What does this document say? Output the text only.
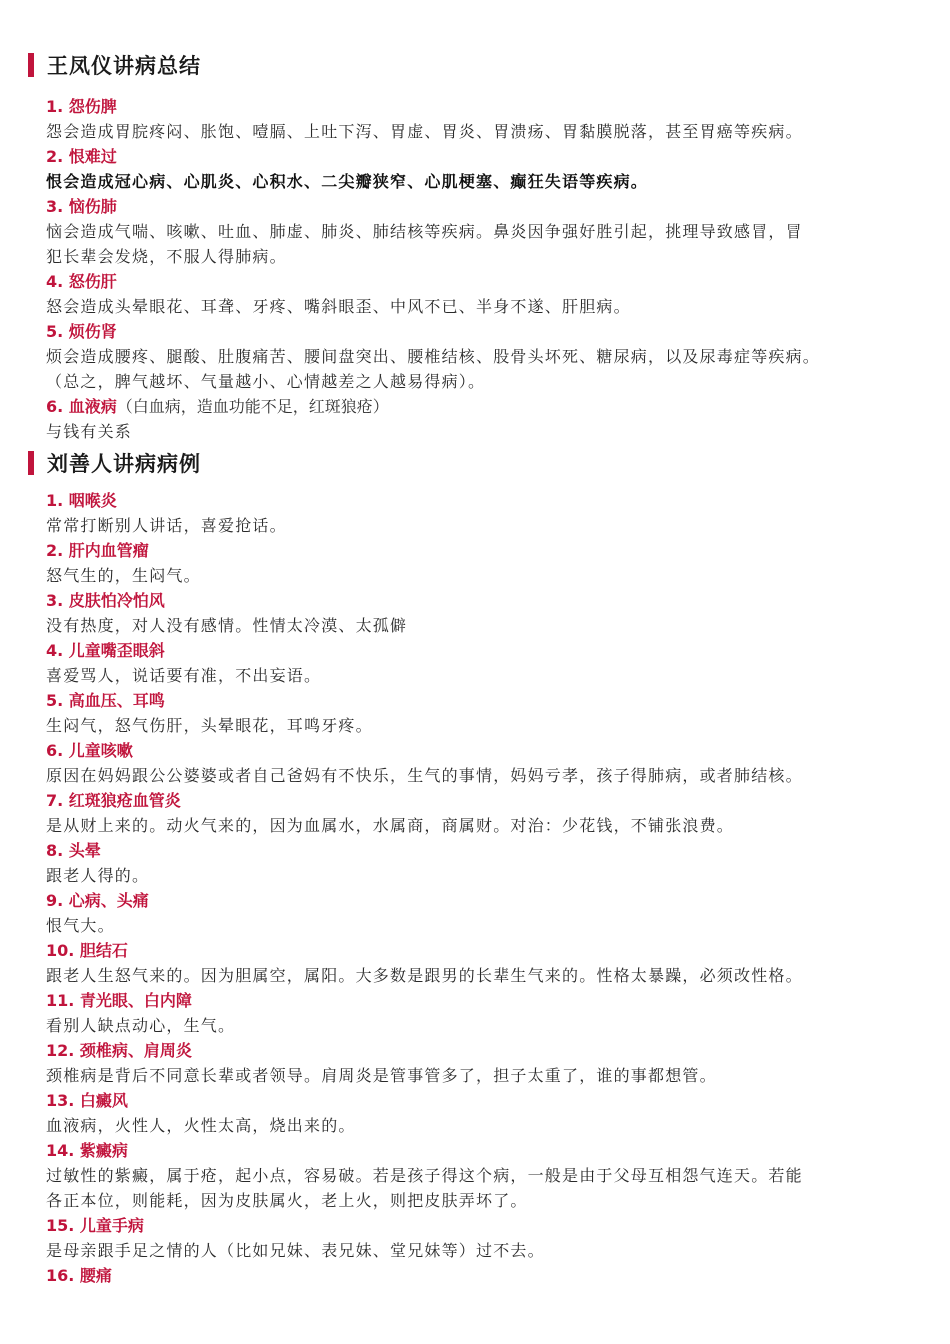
王凤仪讲病总结
1. 怨伤脾
怨会造成胃脘疼闷、胀饱、噎膈、上吐下泻、胃虚、胃炎、胃溃疡、胃黏膜脱落，甚至胃癌等疾病。
2. 恨难过
恨会造成冠心病、心肌炎、心积水、二尖瓣狭窄、心肌梗塞、癫狂失语等疾病。
3. 恼伤肺
恼会造成气喘、咳嗽、吐血、肺虚、肺炎、肺结核等疾病。鼻炎因争强好胜引起，挑理导致感冒，冒
犯长辈会发烧，不服人得肺病。
4. 怒伤肝
怒会造成头晕眼花、耳聋、牙疼、嘴斜眼歪、中风不已、半身不遂、肝胆病。
5. 烦伤肾
烦会造成腰疼、腿酸、肚腹痛苦、腰间盘突出、腰椎结核、股骨头坏死、糖尿病，以及尿毒症等疾病。
（总之，脾气越坏、气量越小、心情越差之人越易得病）。
6. 血液病（白血病，造血功能不足，红斑狼疮）
与钱有关系
刘善人讲病病例
1. 咽喉炎
常常打断别人讲话，喜爱抢话。
2. 肝内血管瘤
怒气生的，生闷气。
3. 皮肤怕冷怕风
没有热度，对人没有感情。性情太冷漠、太孤僻
4. 儿童嘴歪眼斜
喜爱骂人，说话要有准，不出妄语。
5. 高血压、耳鸣
生闷气，怒气伤肝，头晕眼花，耳鸣牙疼。
6. 儿童咳嗽
原因在妈妈跟公公婆婆或者自己爸妈有不快乐，生气的事情，妈妈亏孝，孩子得肺病，或者肺结核。
7. 红斑狼疮血管炎
是从财上来的。动火气来的，因为血属水，水属商，商属财。对治：少花钱，不铺张浪费。
8. 头晕
跟老人得的。
9. 心病、头痛
恨气大。
10. 胆结石
跟老人生怒气来的。因为胆属空，属阳。大多数是跟男的长辈生气来的。性格太暴躁，必须改性格。
11. 青光眼、白内障
看别人缺点动心，生气。
12. 颈椎病、肩周炎
颈椎病是背后不同意长辈或者领导。肩周炎是管事管多了，担子太重了，谁的事都想管。
13. 白癜风
血液病，火性人，火性太高，烧出来的。
14. 紫癜病
过敏性的紫癜，属于疮，起小点，容易破。若是孩子得这个病，一般是由于父母互相怨气连天。若能
各正本位，则能耗，因为皮肤属火，老上火，则把皮肤弄坏了。
15. 儿童手病
是母亲跟手足之情的人（比如兄妹、表兄妹、堂兄妹等）过不去。
16. 腰痛
